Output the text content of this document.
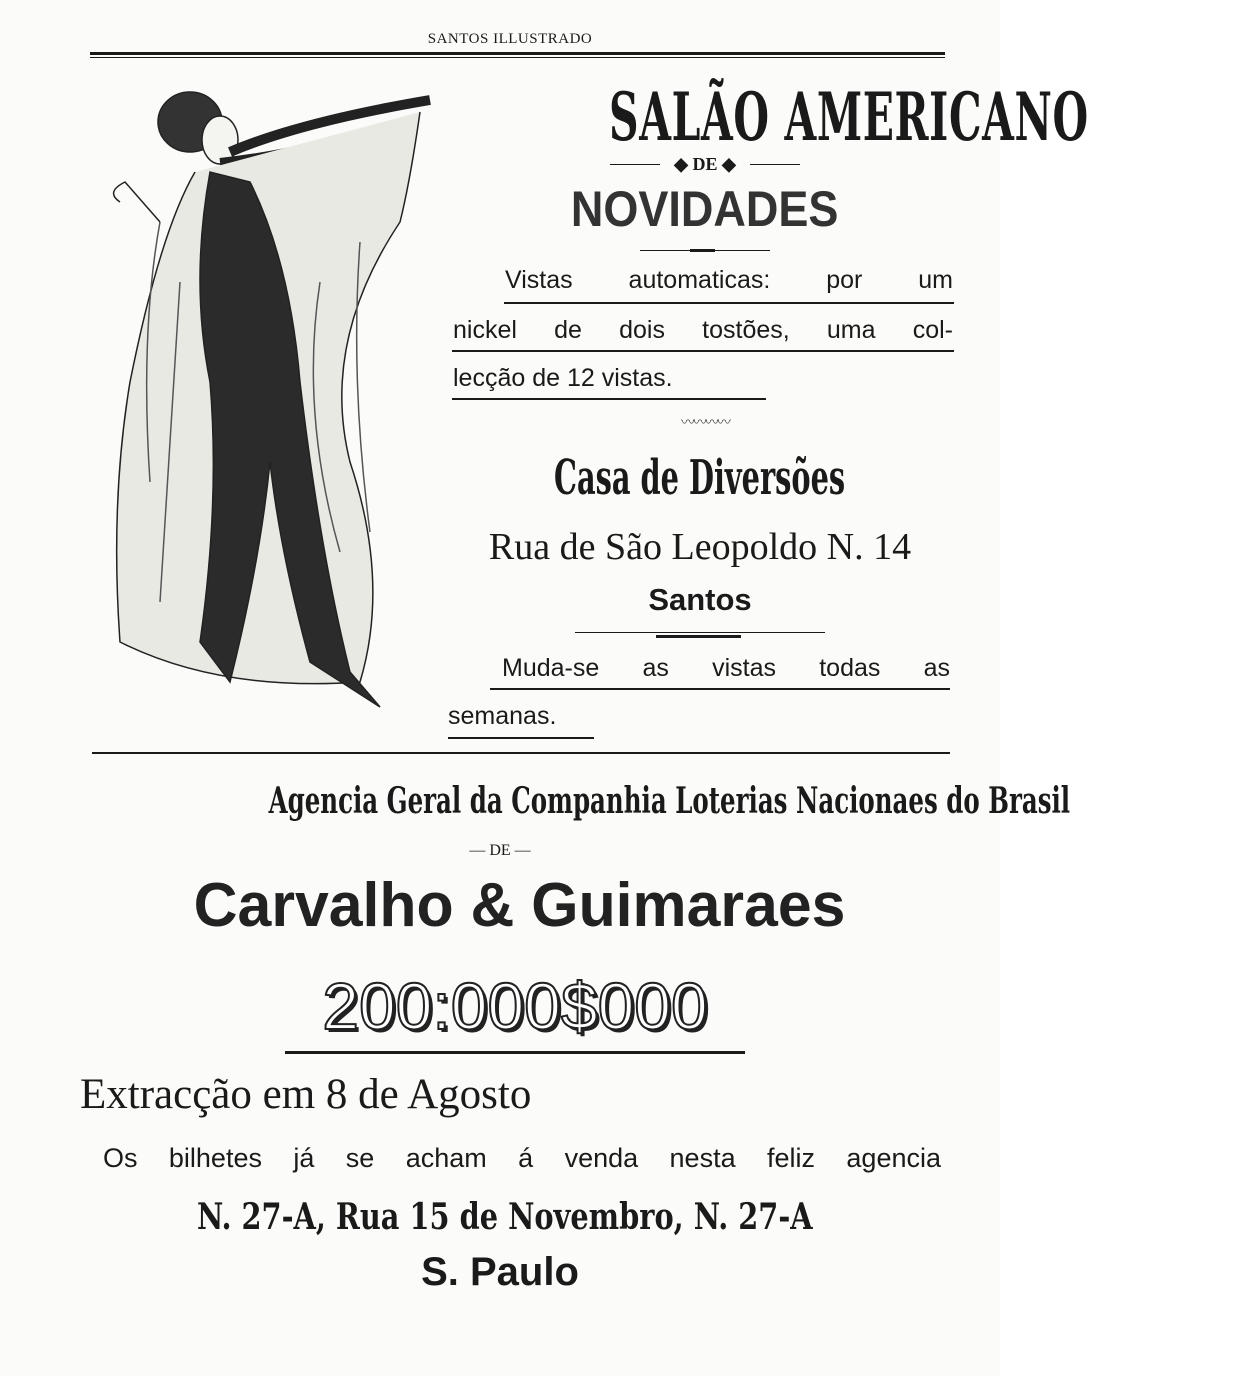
SANTOS ILLUSTRADO
SALÃO AMERICANO
◆ DE ◆
NOVIDADES
Vistas automaticas: por um
nickel de dois tostões, uma col-
lecção de 12 vistas.
〰〰〰〰
Casa de Diversões
Rua de São Leopoldo N. 14
Santos
Muda-se as vistas todas as
semanas.
Agencia Geral da Companhia Loterias Nacionaes do Brasil
— DE —
Carvalho & Guimaraes
200:000$000
Extracção em 8 de Agosto
Os bilhetes já se acham á venda nesta feliz agencia
N. 27-A, Rua 15 de Novembro, N. 27-A
S. Paulo
